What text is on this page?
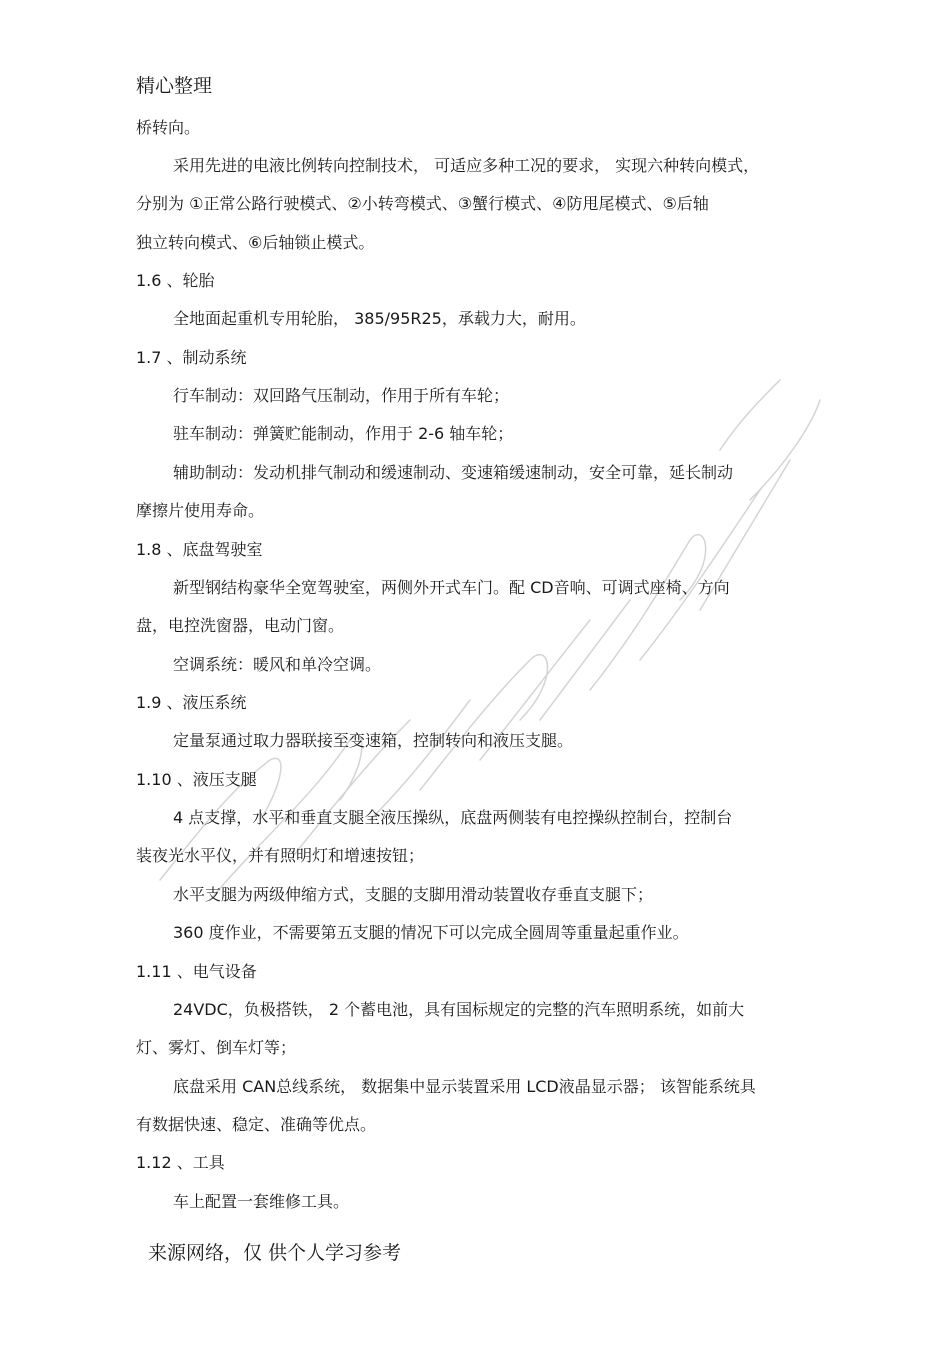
精心整理
桥转向。
采用先进的电液比例转向控制技术， 可适应多种工况的要求， 实现六种转向模式，
分别为 ①正常公路行驶模式、②小转弯模式、③蟹行模式、④防甩尾模式、⑤后轴
独立转向模式、⑥后轴锁止模式。
1.6 、轮胎
全地面起重机专用轮胎， 385/95R25，承载力大，耐用。
1.7 、制动系统
行车制动：双回路气压制动，作用于所有车轮；
驻车制动：弹簧贮能制动，作用于 2-6 轴车轮；
辅助制动：发动机排气制动和缓速制动、变速箱缓速制动，安全可靠，延长制动
摩擦片使用寿命。
1.8 、底盘驾驶室
新型钢结构豪华全宽驾驶室，两侧外开式车门。配 CD音响、可调式座椅、方向
盘，电控洗窗器，电动门窗。
空调系统：暖风和单冷空调。
1.9 、液压系统
定量泵通过取力器联接至变速箱，控制转向和液压支腿。
1.10 、液压支腿
4 点支撑，水平和垂直支腿全液压操纵，底盘两侧装有电控操纵控制台，控制台
装夜光水平仪，并有照明灯和增速按钮；
水平支腿为两级伸缩方式，支腿的支脚用滑动装置收存垂直支腿下；
360 度作业，不需要第五支腿的情况下可以完成全圆周等重量起重作业。
1.11 、电气设备
24VDC，负极搭铁， 2 个蓄电池，具有国标规定的完整的汽车照明系统，如前大
灯、雾灯、倒车灯等；
底盘采用 CAN总线系统， 数据集中显示装置采用 LCD液晶显示器； 该智能系统具
有数据快速、稳定、准确等优点。
1.12 、工具
车上配置一套维修工具。
来源网络，仅 供个人学习参考
